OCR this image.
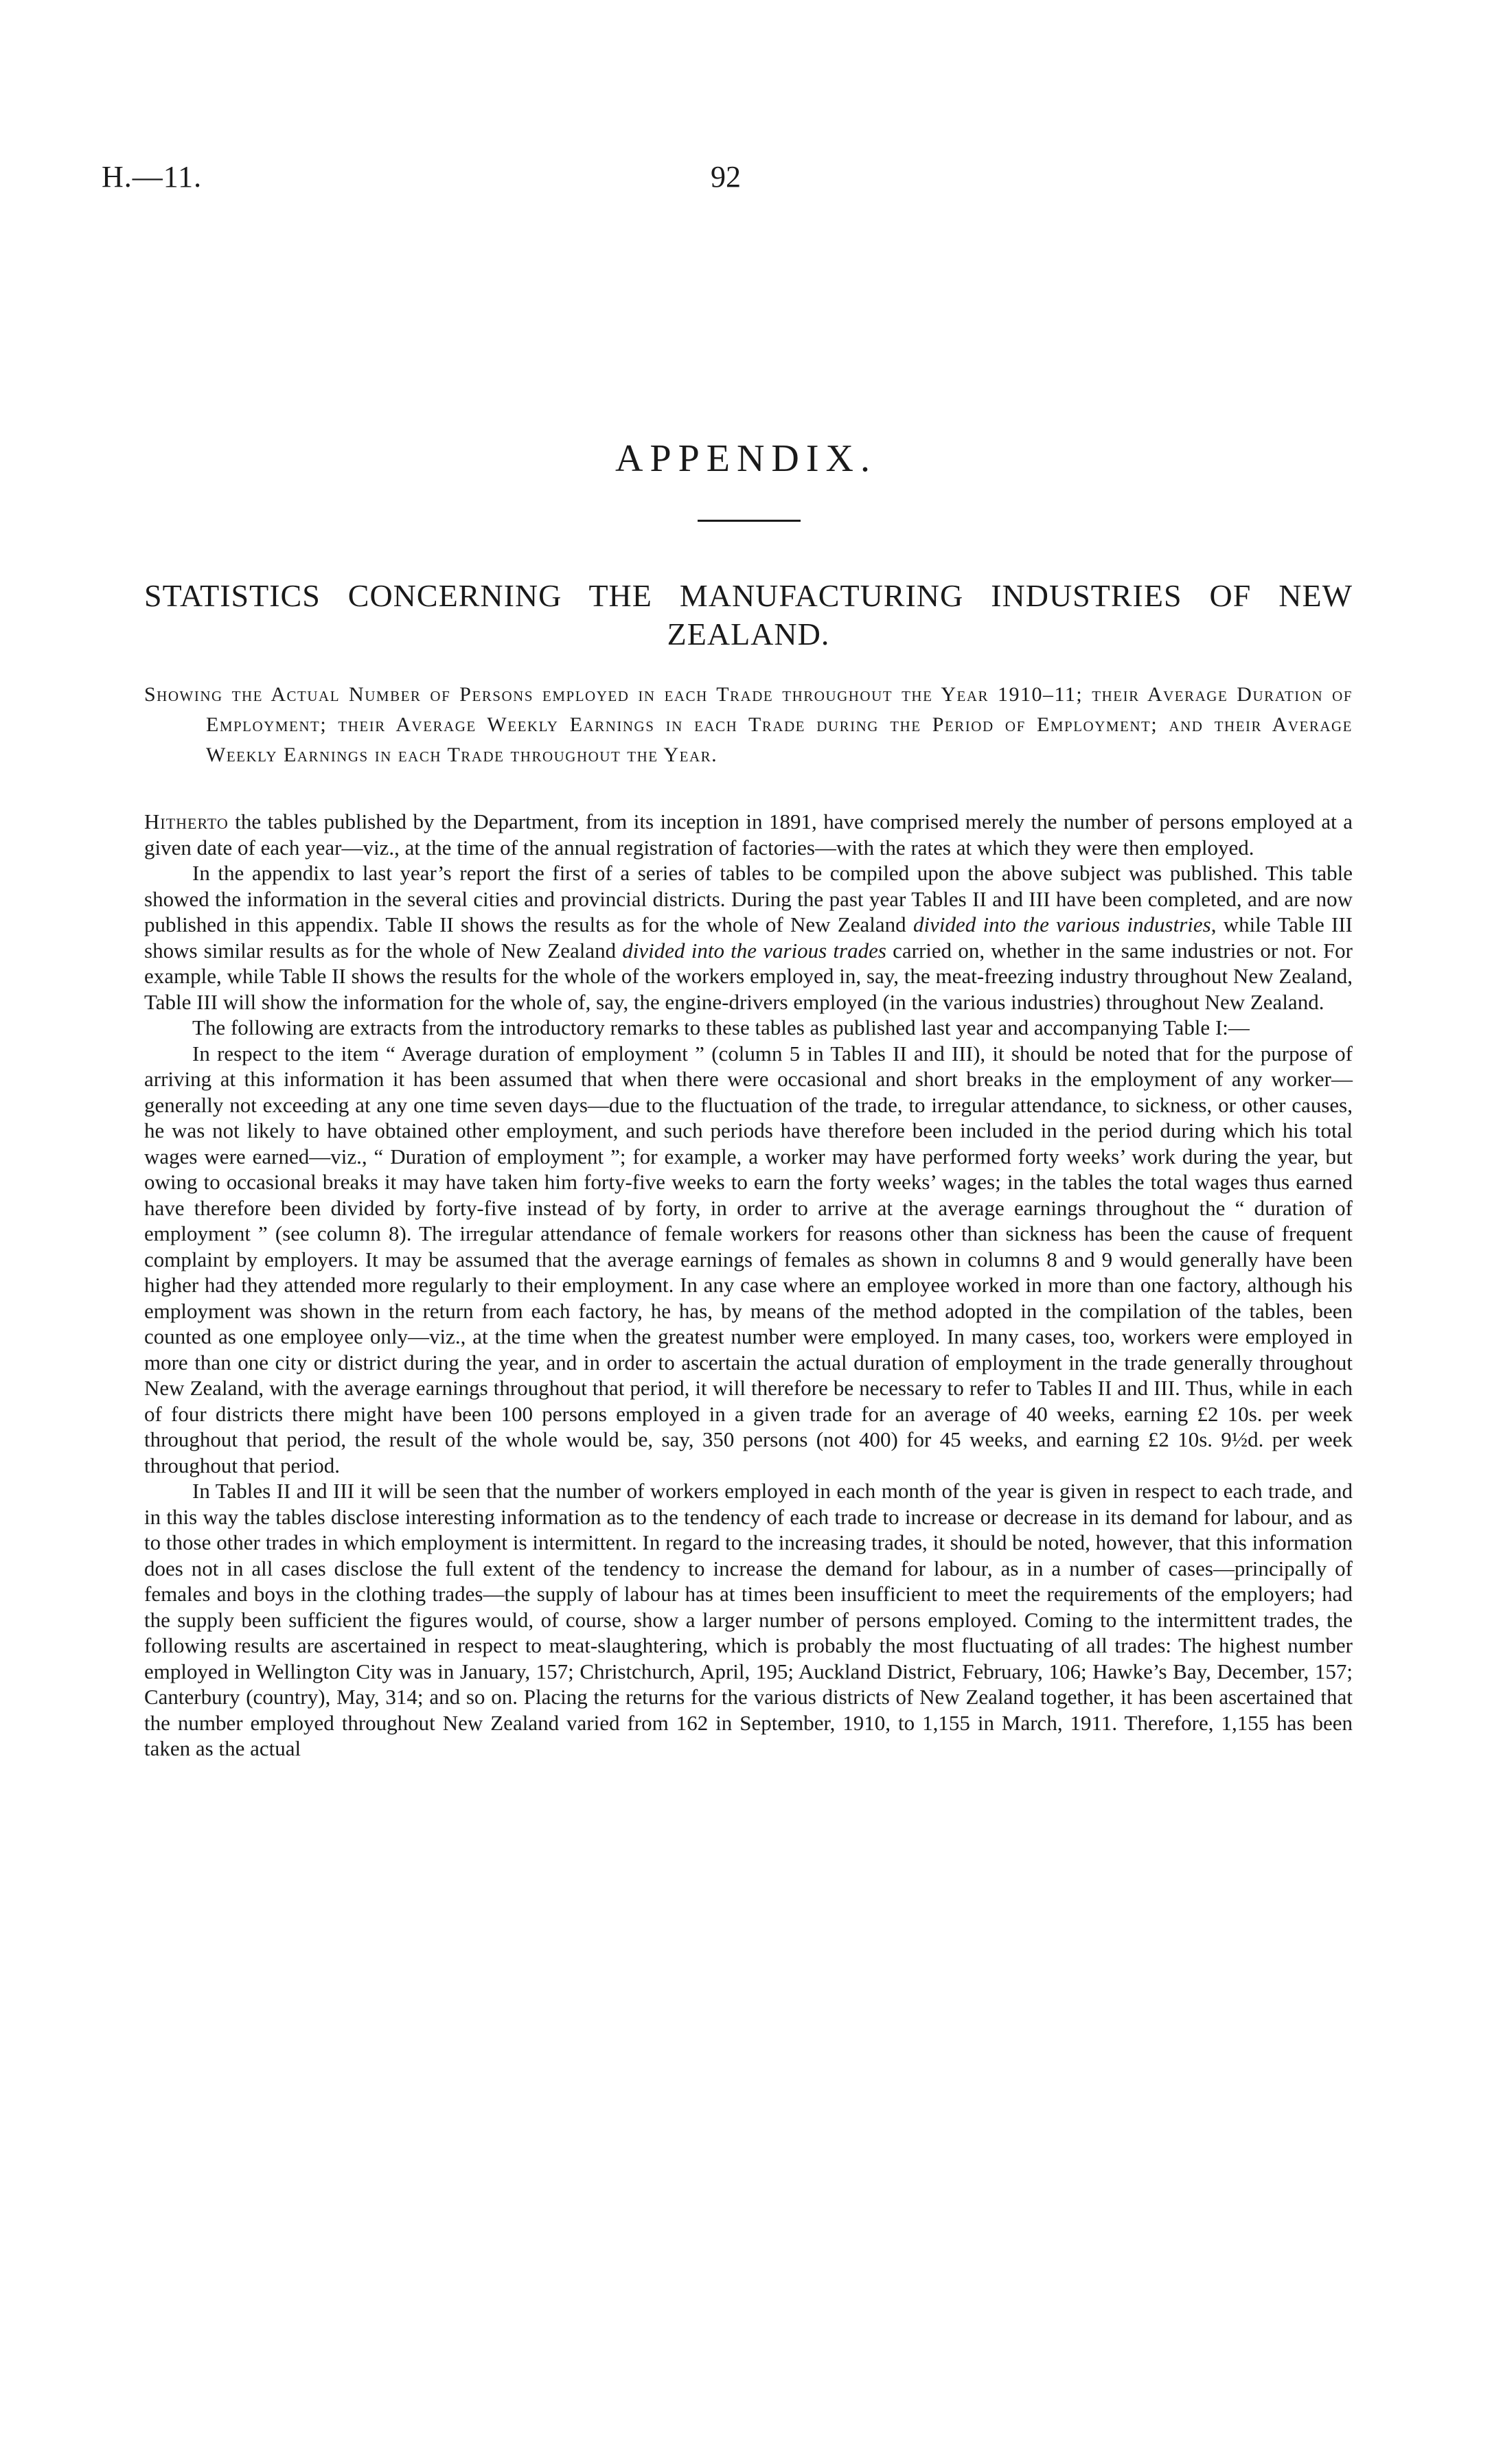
H.—11.	92
APPENDIX.
STATISTICS CONCERNING THE MANUFACTURING INDUSTRIES OF NEW ZEALAND.
Showing the Actual Number of Persons employed in each Trade throughout the Year 1910–11; their Average Duration of Employment; their Average Weekly Earnings in each Trade during the Period of Employment; and their Average Weekly Earnings in each Trade throughout the Year.

Hitherto the tables published by the Department, from its inception in 1891, have comprised merely the number of persons employed at a given date of each year—viz., at the time of the annual registration of factories—with the rates at which they were then employed.

In the appendix to last year’s report the first of a series of tables to be compiled upon the above subject was published. This table showed the information in the several cities and provincial districts. During the past year Tables II and III have been completed, and are now published in this appendix. Table II shows the results as for the whole of New Zealand divided into the various industries, while Table III shows similar results as for the whole of New Zealand divided into the various trades carried on, whether in the same industries or not. For example, while Table II shows the results for the whole of the workers employed in, say, the meat-freezing industry throughout New Zealand, Table III will show the information for the whole of, say, the engine-drivers employed (in the various industries) throughout New Zealand.

The following are extracts from the introductory remarks to these tables as published last year and accompanying Table I:—

In respect to the item “ Average duration of employment ” (column 5 in Tables II and III), it should be noted that for the purpose of arriving at this information it has been assumed that when there were occasional and short breaks in the employment of any worker—generally not exceeding at any one time seven days—due to the fluctuation of the trade, to irregular attendance, to sickness, or other causes, he was not likely to have obtained other employment, and such periods have therefore been included in the period during which his total wages were earned—viz., “ Duration of employment ”; for example, a worker may have performed forty weeks’ work during the year, but owing to occasional breaks it may have taken him forty-five weeks to earn the forty weeks’ wages; in the tables the total wages thus earned have therefore been divided by forty-five instead of by forty, in order to arrive at the average earnings throughout the “ duration of employment ” (see column 8). The irregular attendance of female workers for reasons other than sickness has been the cause of frequent complaint by employers. It may be assumed that the average earnings of females as shown in columns 8 and 9 would generally have been higher had they attended more regularly to their employment. In any case where an employee worked in more than one factory, although his employment was shown in the return from each factory, he has, by means of the method adopted in the compilation of the tables, been counted as one employee only—viz., at the time when the greatest number were employed. In many cases, too, workers were employed in more than one city or district during the year, and in order to ascertain the actual duration of employment in the trade generally throughout New Zealand, with the average earnings throughout that period, it will therefore be necessary to refer to Tables II and III. Thus, while in each of four districts there might have been 100 persons employed in a given trade for an average of 40 weeks, earning £2 10s. per week throughout that period, the result of the whole would be, say, 350 persons (not 400) for 45 weeks, and earning £2 10s. 9½d. per week throughout that period.

In Tables II and III it will be seen that the number of workers employed in each month of the year is given in respect to each trade, and in this way the tables disclose interesting information as to the tendency of each trade to increase or decrease in its demand for labour, and as to those other trades in which employment is intermittent. In regard to the increasing trades, it should be noted, however, that this information does not in all cases disclose the full extent of the tendency to increase the demand for labour, as in a number of cases—principally of females and boys in the clothing trades—the supply of labour has at times been insufficient to meet the requirements of the employers; had the supply been sufficient the figures would, of course, show a larger number of persons employed. Coming to the intermittent trades, the following results are ascertained in respect to meat-slaughtering, which is probably the most fluctuating of all trades: The highest number employed in Wellington City was in January, 157; Christchurch, April, 195; Auckland District, February, 106; Hawke’s Bay, December, 157; Canterbury (country), May, 314; and so on. Placing the returns for the various districts of New Zealand together, it has been ascertained that the number employed throughout New Zealand varied from 162 in September, 1910, to 1,155 in March, 1911. Therefore, 1,155 has been taken as the actual
